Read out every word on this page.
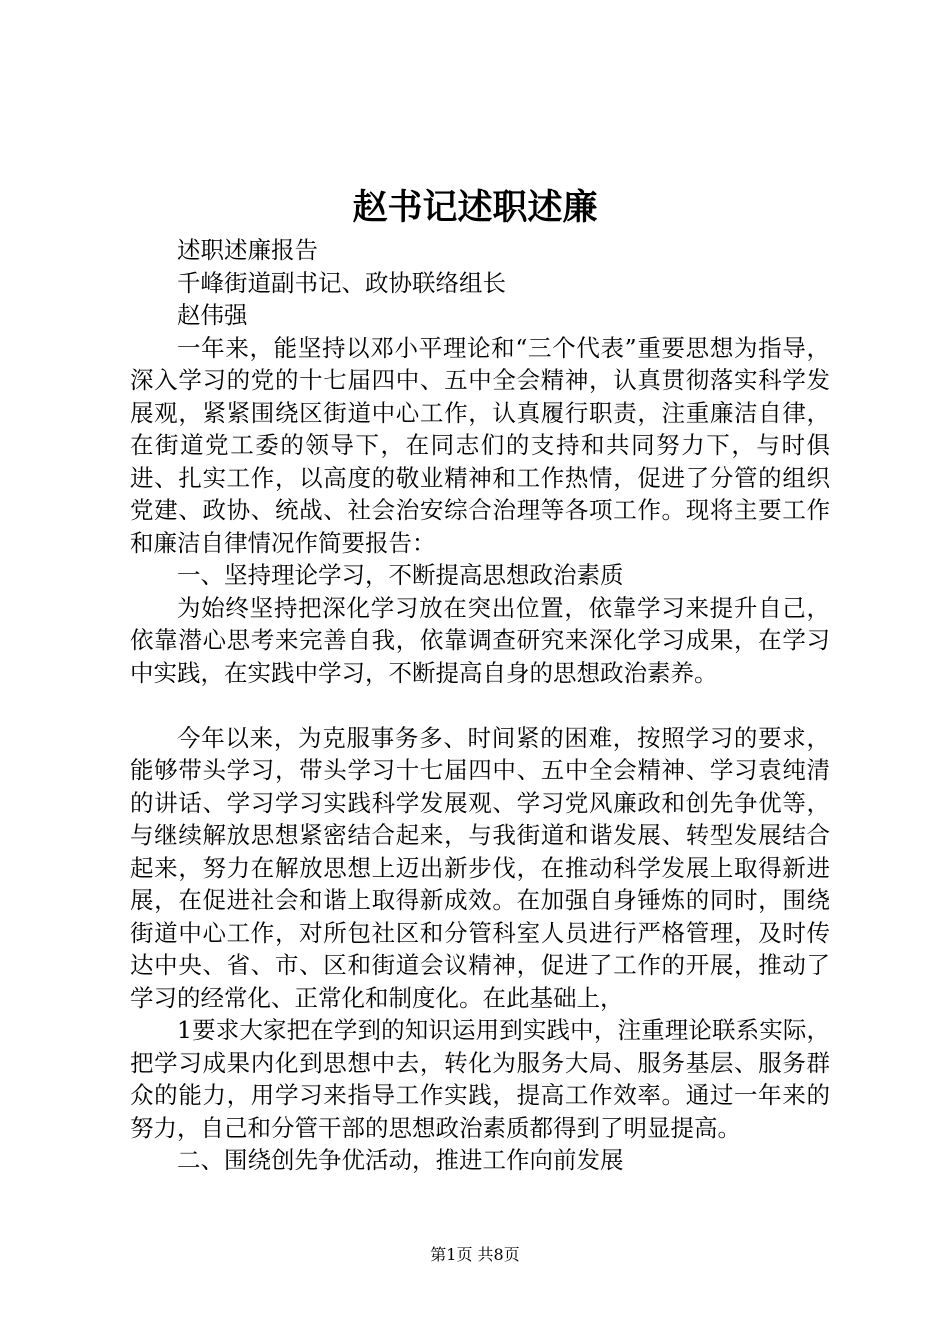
赵书记述职述廉

述职述廉报告

千峰街道副书记、政协联络组长

赵伟强

一年来，能坚持以邓小平理论和“三个代表”重要思想为指导，深入学习的党的十七届四中、五中全会精神，认真贯彻落实科学发展观，紧紧围绕区街道中心工作，认真履行职责，注重廉洁自律，在街道党工委的领导下，在同志们的支持和共同努力下，与时俱进、扎实工作，以高度的敬业精神和工作热情，促进了分管的组织党建、政协、统战、社会治安综合治理等各项工作。现将主要工作和廉洁自律情况作简要报告：

一、坚持理论学习，不断提高思想政治素质

为始终坚持把深化学习放在突出位置，依靠学习来提升自己，依靠潜心思考来完善自我，依靠调查研究来深化学习成果，在学习中实践，在实践中学习，不断提高自身的思想政治素养。

今年以来，为克服事务多、时间紧的困难，按照学习的要求，能够带头学习，带头学习十七届四中、五中全会精神、学习袁纯清的讲话、学习学习实践科学发展观、学习党风廉政和创先争优等，与继续解放思想紧密结合起来，与我街道和谐发展、转型发展结合起来，努力在解放思想上迈出新步伐，在推动科学发展上取得新进展，在促进社会和谐上取得新成效。在加强自身锤炼的同时，围绕街道中心工作，对所包社区和分管科室人员进行严格管理，及时传达中央、省、市、区和街道会议精神，促进了工作的开展，推动了学习的经常化、正常化和制度化。在此基础上，

1要求大家把在学到的知识运用到实践中，注重理论联系实际，把学习成果内化到思想中去，转化为服务大局、服务基层、服务群众的能力，用学习来指导工作实践，提高工作效率。通过一年来的努力，自己和分管干部的思想政治素质都得到了明显提高。

二、围绕创先争优活动，推进工作向前发展

第1页 共8页
